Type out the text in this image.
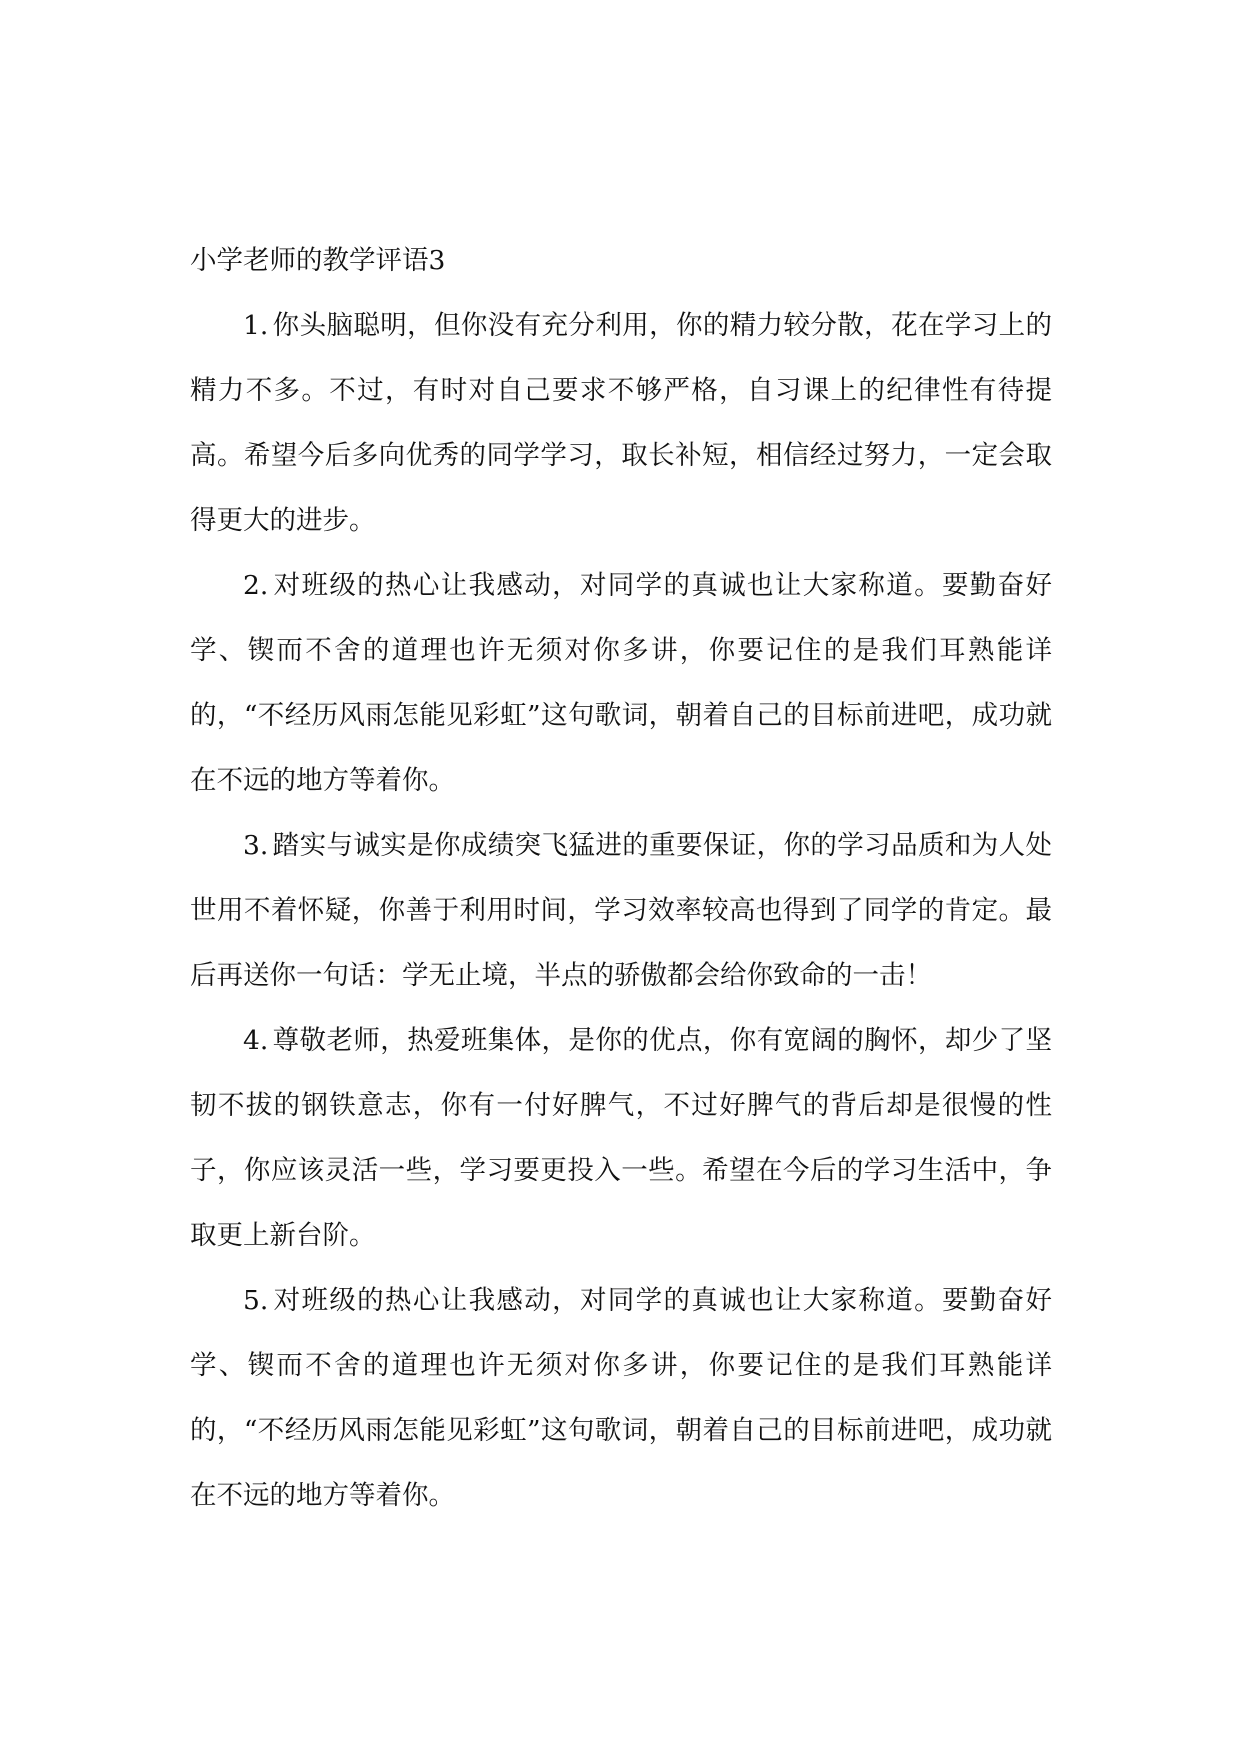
小学老师的教学评语3

1. 你头脑聪明，但你没有充分利用，你的精力较分散，花在学习上的精力不多。不过，有时对自己要求不够严格，自习课上的纪律性有待提高。希望今后多向优秀的同学学习，取长补短，相信经过努力，一定会取得更大的进步。

2. 对班级的热心让我感动，对同学的真诚也让大家称道。要勤奋好学、锲而不舍的道理也许无须对你多讲，你要记住的是我们耳熟能详的，“不经历风雨怎能见彩虹”这句歌词，朝着自己的目标前进吧，成功就在不远的地方等着你。

3. 踏实与诚实是你成绩突飞猛进的重要保证，你的学习品质和为人处世用不着怀疑，你善于利用时间，学习效率较高也得到了同学的肯定。最后再送你一句话：学无止境，半点的骄傲都会给你致命的一击！

4. 尊敬老师，热爱班集体，是你的优点，你有宽阔的胸怀，却少了坚韧不拔的钢铁意志，你有一付好脾气，不过好脾气的背后却是很慢的性子，你应该灵活一些，学习要更投入一些。希望在今后的学习生活中，争取更上新台阶。

5. 对班级的热心让我感动，对同学的真诚也让大家称道。要勤奋好学、锲而不舍的道理也许无须对你多讲，你要记住的是我们耳熟能详的，“不经历风雨怎能见彩虹”这句歌词，朝着自己的目标前进吧，成功就在不远的地方等着你。
